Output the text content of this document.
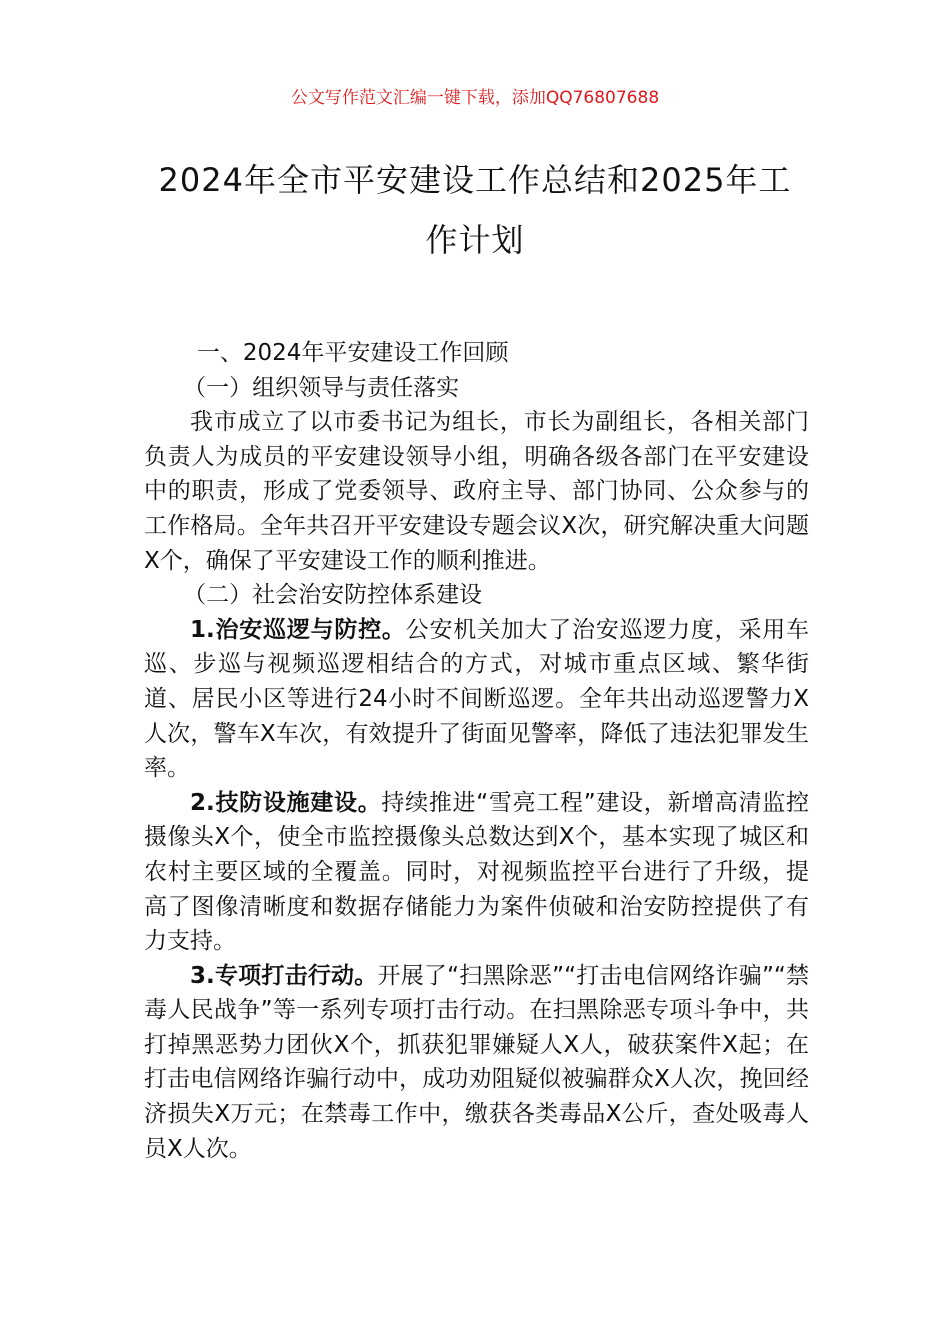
公文写作范文汇编一键下载，添加QQ76807688
2024年全市平安建设工作总结和2025年工
作计划

一、2024年平安建设工作回顾

（一）组织领导与责任落实

我市成立了以市委书记为组长，市长为副组长，各相关部门负责人为成员的平安建设领导小组，明确各级各部门在平安建设中的职责，形成了党委领导、政府主导、部门协同、公众参与的工作格局。全年共召开平安建设专题会议X次，研究解决重大问题X个，确保了平安建设工作的顺利推进。

（二）社会治安防控体系建设

1.治安巡逻与防控。公安机关加大了治安巡逻力度，采用车巡、步巡与视频巡逻相结合的方式，对城市重点区域、繁华街道、居民小区等进行24小时不间断巡逻。全年共出动巡逻警力X人次，警车X车次，有效提升了街面见警率，降低了违法犯罪发生率。

2.技防设施建设。持续推进“雪亮工程”建设，新增高清监控摄像头X个，使全市监控摄像头总数达到X个，基本实现了城区和农村主要区域的全覆盖。同时，对视频监控平台进行了升级，提高了图像清晰度和数据存储能力为案件侦破和治安防控提供了有力支持。

3.专项打击行动。开展了“扫黑除恶”“打击电信网络诈骗”“禁毒人民战争”等一系列专项打击行动。在扫黑除恶专项斗争中，共打掉黑恶势力团伙X个，抓获犯罪嫌疑人X人，破获案件X起；在打击电信网络诈骗行动中，成功劝阻疑似被骗群众X人次，挽回经济损失X万元；在禁毒工作中，缴获各类毒品X公斤，查处吸毒人员X人次。
